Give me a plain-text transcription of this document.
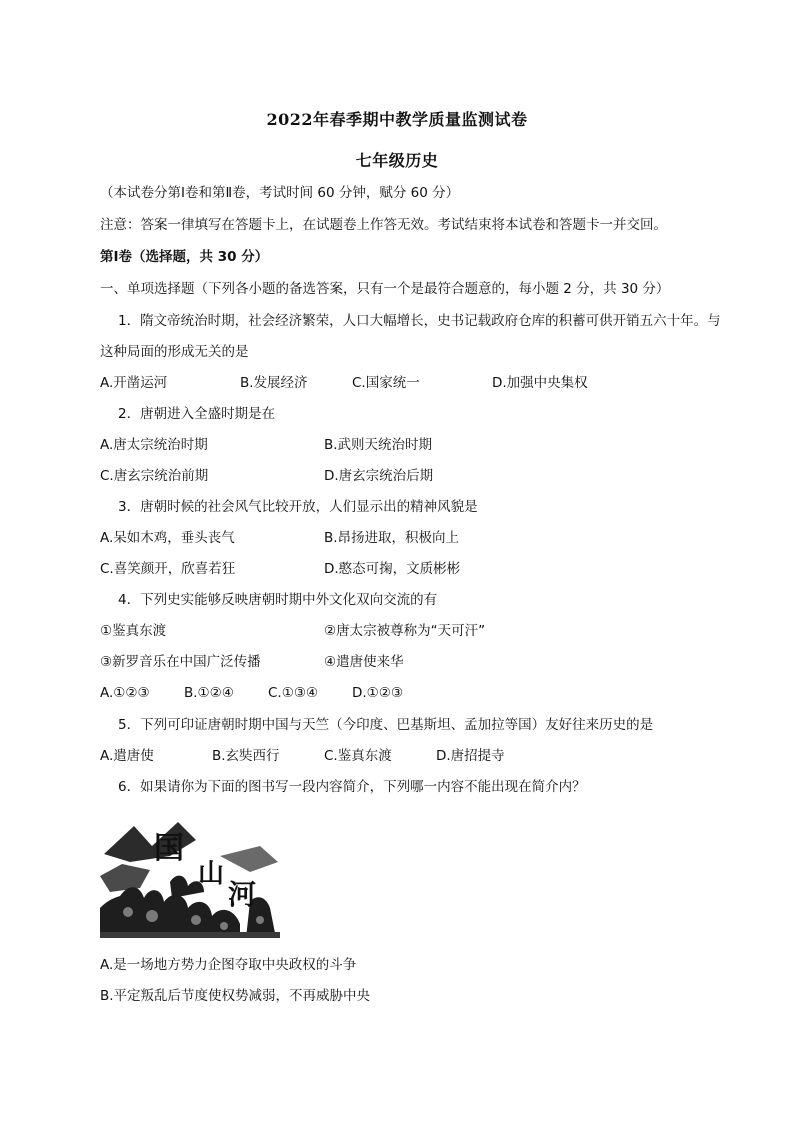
2022年春季期中教学质量监测试卷
七年级历史
（本试卷分第Ⅰ卷和第Ⅱ卷，考试时间 60 分钟，赋分 60 分）
注意：答案一律填写在答题卡上，在试题卷上作答无效。考试结束将本试卷和答题卡一并交回。
第Ⅰ卷（选择题，共 30 分）
一、单项选择题（下列各小题的备选答案，只有一个是最符合题意的，每小题 2 分，共 30 分）
1．隋文帝统治时期，社会经济繁荣，人口大幅增长，史书记载政府仓库的积蓄可供开销五六十年。与
这种局面的形成无关的是
A.开凿运河	B.发展经济	C.国家统一	D.加强中央集权
2．唐朝进入全盛时期是在
A.唐太宗统治时期	B.武则天统治时期
C.唐玄宗统治前期	D.唐玄宗统治后期
3．唐朝时候的社会风气比较开放，人们显示出的精神风貌是
A.呆如木鸡，垂头丧气	B.昂扬进取，积极向上
C.喜笑颜开，欣喜若狂	D.憨态可掬，文质彬彬
4．下列史实能够反映唐朝时期中外文化双向交流的有
①鉴真东渡	②唐太宗被尊称为“天可汗”
③新罗音乐在中国广泛传播	④遣唐使来华
A.①②③	B.①②④	C.①③④	D.①②③
5．下列可印证唐朝时期中国与天竺（今印度、巴基斯坦、孟加拉等国）友好往来历史的是
A.遣唐使	B.玄奘西行	C.鉴真东渡	D.唐招提寺
6．如果请你为下面的图书写一段内容简介，下列哪一内容不能出现在简介内？
国
山
河
A.是一场地方势力企图夺取中央政权的斗争
B.平定叛乱后节度使权势减弱，不再威胁中央
